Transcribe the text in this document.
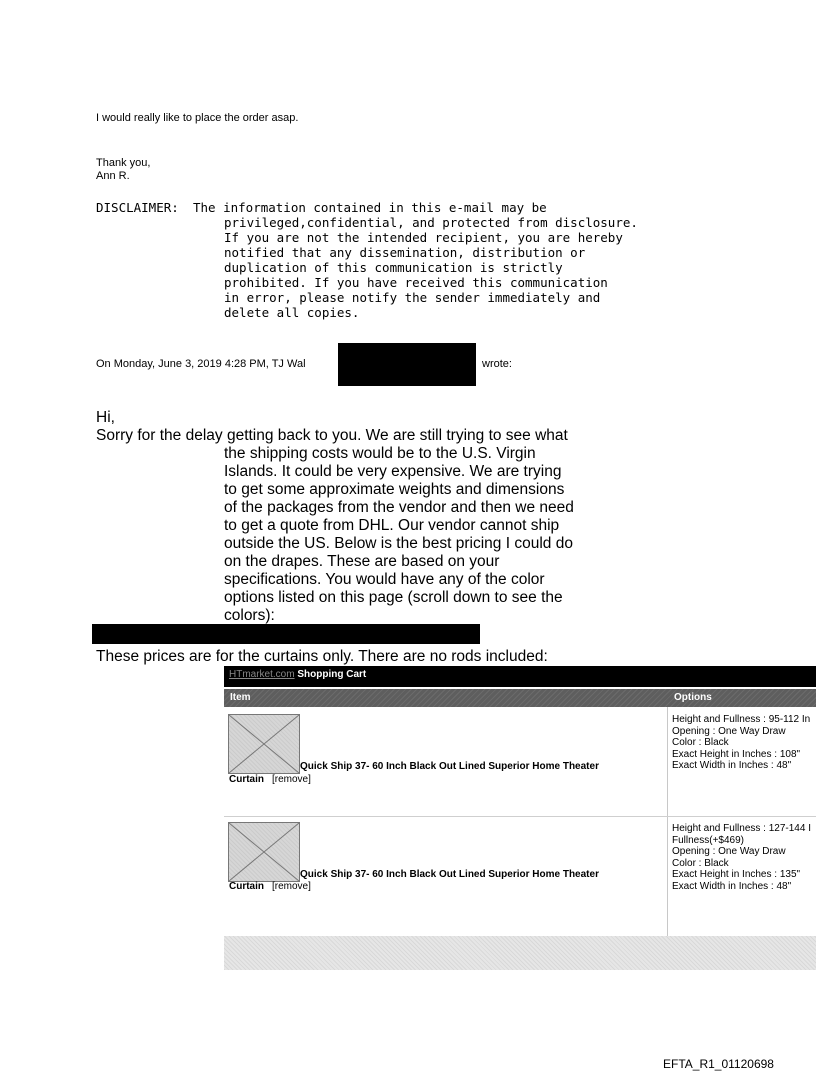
I would really like to place the order asap.
Thank you,
Ann R.
DISCLAIMER: The information contained in this e-mail may be
privileged,confidential, and protected from disclosure.
If you are not the intended recipient, you are hereby
notified that any dissemination, distribution or
duplication of this communication is strictly
prohibited. If you have received this communication
in error, please notify the sender immediately and
delete all copies.
On Monday, June 3, 2019 4:28 PM, TJ Wal	wrote:
Hi,
Sorry for the delay getting back to you. We are still trying to see what
the shipping costs would be to the U.S. Virgin
Islands. It could be very expensive. We are trying
to get some approximate weights and dimensions
of the packages from the vendor and then we need
to get a quote from DHL. Our vendor cannot ship
outside the US. Below is the best pricing I could do
on the drapes. These are based on your
specifications. You would have any of the color
options listed on this page (scroll down to see the
colors):
These prices are for the curtains only. There are no rods included:
HTmarket.com Shopping Cart
Item	Options
Quick Ship 37- 60 Inch Black Out Lined Superior Home Theater
Curtain [remove]
Height and Fullness : 95-112 In
Opening : One Way Draw
Color : Black
Exact Height in Inches : 108"
Exact Width in Inches : 48"
Quick Ship 37- 60 Inch Black Out Lined Superior Home Theater
Curtain [remove]
Height and Fullness : 127-144 I
Fullness(+$469)
Opening : One Way Draw
Color : Black
Exact Height in Inches : 135"
Exact Width in Inches : 48"
EFTA_R1_01120698
